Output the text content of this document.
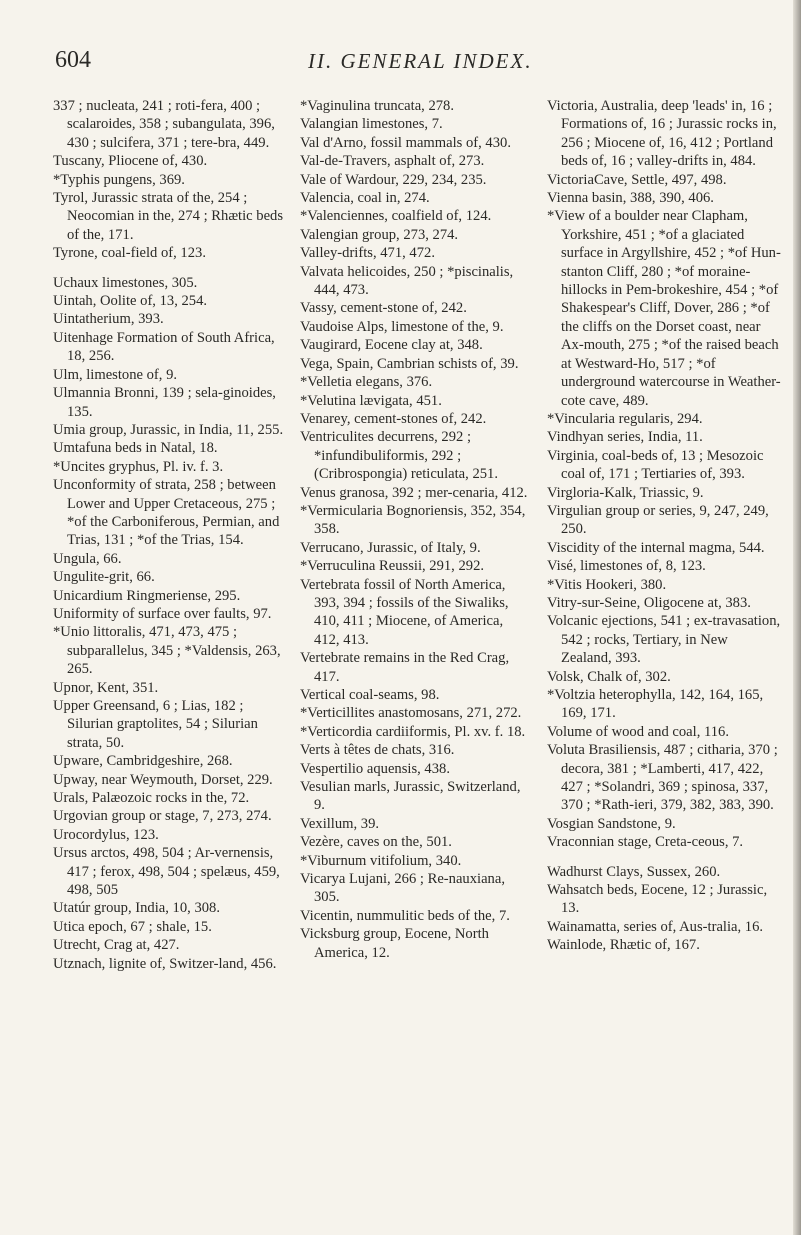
604	II. GENERAL INDEX.

337 ; nucleata, 241 ; roti-fera, 400 ; scalaroides, 358 ; subangulata, 396, 430 ; sulcifera, 371 ; tere-bra, 449.

Tuscany, Pliocene of, 430.

*Typhis pungens, 369.

Tyrol, Jurassic strata of the, 254 ; Neocomian in the, 274 ; Rhætic beds of the, 171.

Tyrone, coal-field of, 123.

Uchaux limestones, 305.

Uintah, Oolite of, 13, 254.

Uintatherium, 393.

Uitenhage Formation of South Africa, 18, 256.

Ulm, limestone of, 9.

Ulmannia Bronni, 139 ; sela-ginoides, 135.

Umia group, Jurassic, in India, 11, 255.

Umtafuna beds in Natal, 18.

*Uncites gryphus, Pl. iv. f. 3.

Unconformity of strata, 258 ; between Lower and Upper Cretaceous, 275 ; *of the Carboniferous, Permian, and Trias, 131 ; *of the Trias, 154.

Ungula, 66.

Ungulite-grit, 66.

Unicardium Ringmeriense, 295.

Uniformity of surface over faults, 97.

*Unio littoralis, 471, 473, 475 ; subparallelus, 345 ; *Valdensis, 263, 265.

Upnor, Kent, 351.

Upper Greensand, 6 ; Lias, 182 ; Silurian graptolites, 54 ; Silurian strata, 50.

Upware, Cambridgeshire, 268.

Upway, near Weymouth, Dorset, 229.

Urals, Palæozoic rocks in the, 72.

Urgovian group or stage, 7, 273, 274.

Urocordylus, 123.

Ursus arctos, 498, 504 ; Ar-vernensis, 417 ; ferox, 498, 504 ; spelæus, 459, 498, 505

Utatúr group, India, 10, 308.

Utica epoch, 67 ; shale, 15.

Utrecht, Crag at, 427.

Utznach, lignite of, Switzer-land, 456.

*Vaginulina truncata, 278.

Valangian limestones, 7.

Val d'Arno, fossil mammals of, 430.

Val-de-Travers, asphalt of, 273.

Vale of Wardour, 229, 234, 235.

Valencia, coal in, 274.

*Valenciennes, coalfield of, 124.

Valengian group, 273, 274.

Valley-drifts, 471, 472.

Valvata helicoides, 250 ; *piscinalis, 444, 473.

Vassy, cement-stone of, 242.

Vaudoise Alps, limestone of the, 9.

Vaugirard, Eocene clay at, 348.

Vega, Spain, Cambrian schists of, 39.

*Velletia elegans, 376.

*Velutina lævigata, 451.

Venarey, cement-stones of, 242.

Ventriculites decurrens, 292 ; *infundibuliformis, 292 ; (Cribrospongia) reticulata, 251.

Venus granosa, 392 ; mer-cenaria, 412.

*Vermicularia Bognoriensis, 352, 354, 358.

Verrucano, Jurassic, of Italy, 9.

*Verruculina Reussii, 291, 292.

Vertebrata fossil of North America, 393, 394 ; fossils of the Siwaliks, 410, 411 ; Miocene, of America, 412, 413.

Vertebrate remains in the Red Crag, 417.

Vertical coal-seams, 98.

*Verticillites anastomosans, 271, 272.

*Verticordia cardiiformis, Pl. xv. f. 18.

Verts à têtes de chats, 316.

Vespertilio aquensis, 438.

Vesulian marls, Jurassic, Switzerland, 9.

Vexillum, 39.

Vezère, caves on the, 501.

*Viburnum vitifolium, 340.

Vicarya Lujani, 266 ; Re-nauxiana, 305.

Vicentin, nummulitic beds of the, 7.

Vicksburg group, Eocene, North America, 12.

Victoria, Australia, deep 'leads' in, 16 ; Formations of, 16 ; Jurassic rocks in, 256 ; Miocene of, 16, 412 ; Portland beds of, 16 ; valley-drifts in, 484.

VictoriaCave, Settle, 497, 498.

Vienna basin, 388, 390, 406.

*View of a boulder near Clapham, Yorkshire, 451 ; *of a glaciated surface in Argyllshire, 452 ; *of Hun-stanton Cliff, 280 ; *of moraine-hillocks in Pem-brokeshire, 454 ; *of Shakespear's Cliff, Dover, 286 ; *of the cliffs on the Dorset coast, near Ax-mouth, 275 ; *of the raised beach at Westward-Ho, 517 ; *of underground watercourse in Weather-cote cave, 489.

*Vincularia regularis, 294.

Vindhyan series, India, 11.

Virginia, coal-beds of, 13 ; Mesozoic coal of, 171 ; Tertiaries of, 393.

Virgloria-Kalk, Triassic, 9.

Virgulian group or series, 9, 247, 249, 250.

Viscidity of the internal magma, 544.

Visé, limestones of, 8, 123.

*Vitis Hookeri, 380.

Vitry-sur-Seine, Oligocene at, 383.

Volcanic ejections, 541 ; ex-travasation, 542 ; rocks, Tertiary, in New Zealand, 393.

Volsk, Chalk of, 302.

*Voltzia heterophylla, 142, 164, 165, 169, 171.

Volume of wood and coal, 116.

Voluta Brasiliensis, 487 ; citharia, 370 ; decora, 381 ; *Lamberti, 417, 422, 427 ; *Solandri, 369 ; spinosa, 337, 370 ; *Rath-ieri, 379, 382, 383, 390.

Vosgian Sandstone, 9.

Vraconnian stage, Creta-ceous, 7.

Wadhurst Clays, Sussex, 260.

Wahsatch beds, Eocene, 12 ; Jurassic, 13.

Wainamatta, series of, Aus-tralia, 16.

Wainlode, Rhætic of, 167.
